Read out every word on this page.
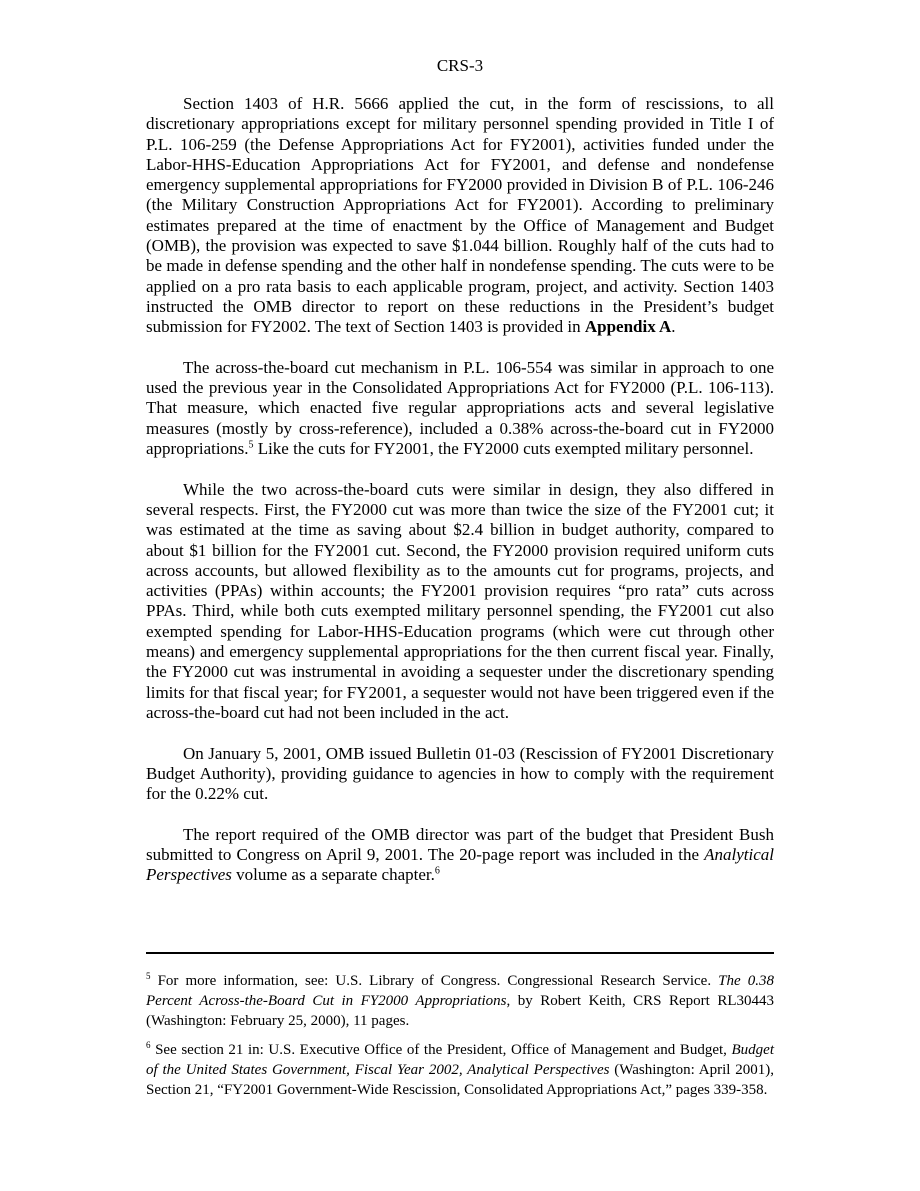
CRS-3

Section 1403 of H.R. 5666 applied the cut, in the form of rescissions, to all discretionary appropriations except for military personnel spending provided in Title I of P.L. 106-259 (the Defense Appropriations Act for FY2001), activities funded under the Labor-HHS-Education Appropriations Act for FY2001, and defense and nondefense emergency supplemental appropriations for FY2000 provided in Division B of P.L. 106-246 (the Military Construction Appropriations Act for FY2001). According to preliminary estimates prepared at the time of enactment by the Office of Management and Budget (OMB), the provision was expected to save $1.044 billion. Roughly half of the cuts had to be made in defense spending and the other half in nondefense spending. The cuts were to be applied on a pro rata basis to each applicable program, project, and activity. Section 1403 instructed the OMB director to report on these reductions in the President’s budget submission for FY2002. The text of Section 1403 is provided in Appendix A.

The across-the-board cut mechanism in P.L. 106-554 was similar in approach to one used the previous year in the Consolidated Appropriations Act for FY2000 (P.L. 106-113). That measure, which enacted five regular appropriations acts and several legislative measures (mostly by cross-reference), included a 0.38% across-the-board cut in FY2000 appropriations.$^5$ Like the cuts for FY2001, the FY2000 cuts exempted military personnel.

While the two across-the-board cuts were similar in design, they also differed in several respects. First, the FY2000 cut was more than twice the size of the FY2001 cut; it was estimated at the time as saving about $2.4 billion in budget authority, compared to about $1 billion for the FY2001 cut. Second, the FY2000 provision required uniform cuts across accounts, but allowed flexibility as to the amounts cut for programs, projects, and activities (PPAs) within accounts; the FY2001 provision requires “pro rata” cuts across PPAs. Third, while both cuts exempted military personnel spending, the FY2001 cut also exempted spending for Labor-HHS-Education programs (which were cut through other means) and emergency supplemental appropriations for the then current fiscal year. Finally, the FY2000 cut was instrumental in avoiding a sequester under the discretionary spending limits for that fiscal year; for FY2001, a sequester would not have been triggered even if the across-the-board cut had not been included in the act.

On January 5, 2001, OMB issued Bulletin 01-03 (Rescission of FY2001 Discretionary Budget Authority), providing guidance to agencies in how to comply with the requirement for the 0.22% cut.

The report required of the OMB director was part of the budget that President Bush submitted to Congress on April 9, 2001. The 20-page report was included in the Analytical Perspectives volume as a separate chapter.$^6$

$^5$ For more information, see: U.S. Library of Congress. Congressional Research Service. The 0.38 Percent Across-the-Board Cut in FY2000 Appropriations, by Robert Keith, CRS Report RL30443 (Washington: February 25, 2000), 11 pages.

$^6$ See section 21 in: U.S. Executive Office of the President, Office of Management and Budget, Budget of the United States Government, Fiscal Year 2002, Analytical Perspectives (Washington: April 2001), Section 21, “FY2001 Government-Wide Rescission, Consolidated Appropriations Act,” pages 339-358.
